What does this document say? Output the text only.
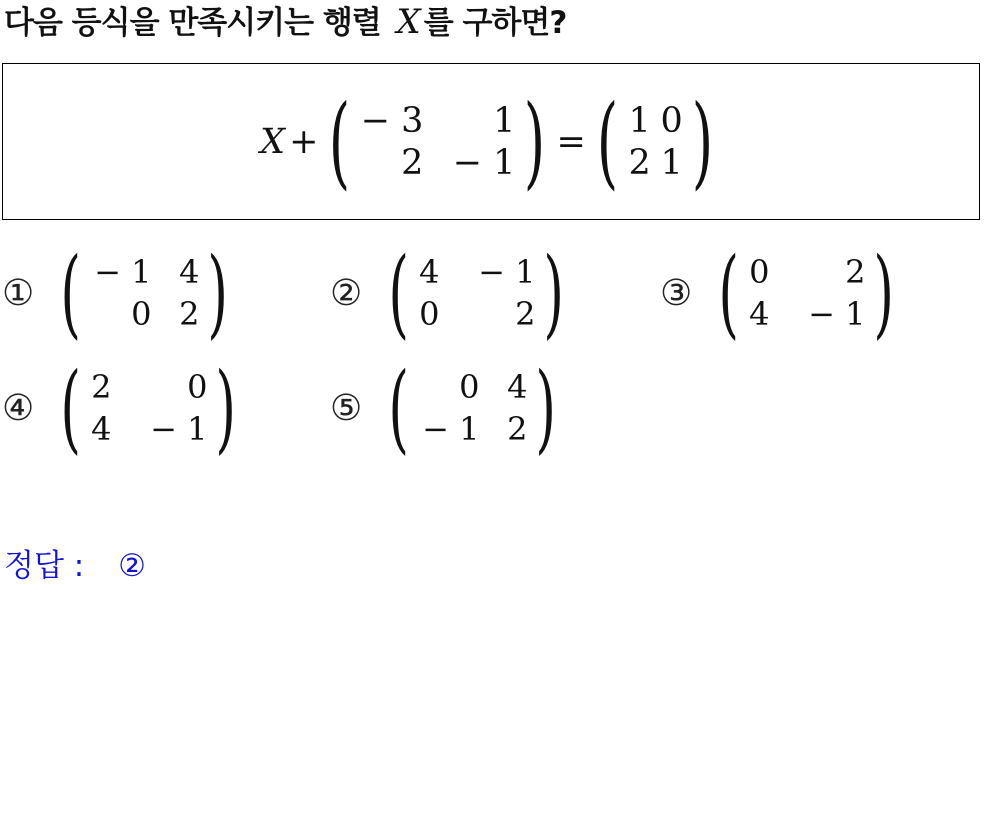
다음 등식을 만족시키는 행렬 X 를 구하면?
X + ( − 3	1
2 − 1 ) = ( 1 0
2 1 )
① ( − 1 4
0 2 )	② ( 4	− 1
0	2 )	③ ( 0	2
4	− 1 )
④ ( 2	0
4	− 1 )	⑤ (	0 4
− 1 2 )
정답 : ②
